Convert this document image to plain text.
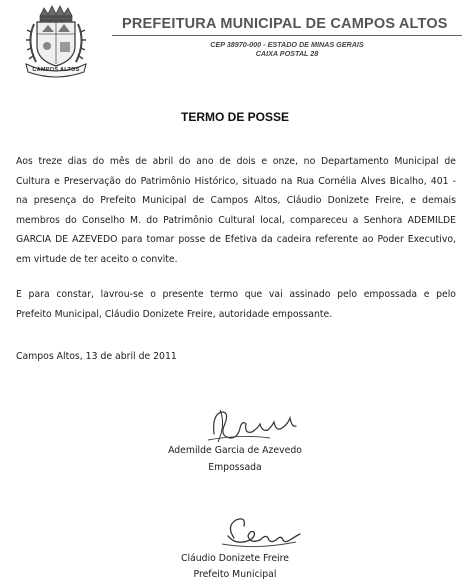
CAMPOS ALTOS
PREFEITURA MUNICIPAL DE CAMPOS ALTOS
CEP 38970-000 - ESTADO DE MINAS GERAIS
CAIXA POSTAL 28
TERMO DE POSSE
Aos treze dias do mês de abril do ano de dois e onze, no Departamento Municipal de
Cultura e Preservação do Patrimônio Histórico, situado na Rua Cornélia Alves Bicalho, 401 -
na presença do Prefeito Municipal de Campos Altos, Cláudio Donizete Freire, e demais
membros do Conselho M. do Patrimônio Cultural local, compareceu a Senhora ADEMILDE
GARCIA DE AZEVEDO para tomar posse de Efetiva da cadeira referente ao Poder Executivo,
em virtude de ter aceito o convite.
E para constar, lavrou-se o presente termo que vai assinado pelo empossada e pelo
Prefeito Municipal, Cláudio Donizete Freire, autoridade empossante.
Campos Altos, 13 de abril de 2011
Ademilde Garcia de Azevedo
Empossada
Cláudio Donizete Freire
Prefeito Municipal
